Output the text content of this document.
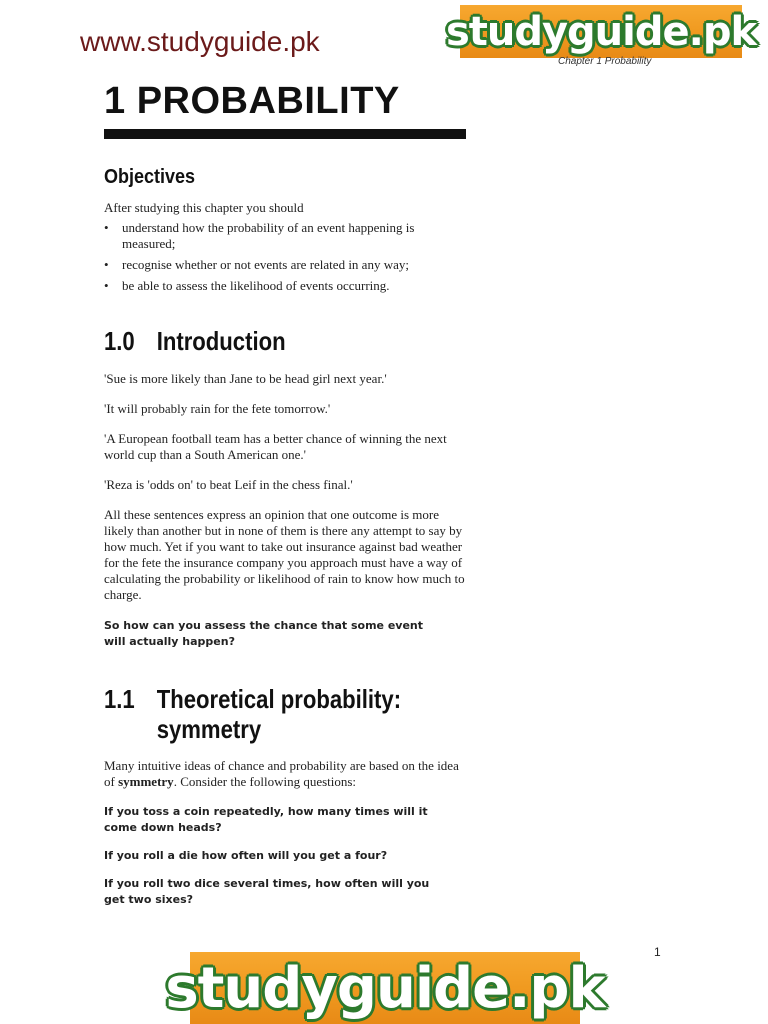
www.studyguide.pk	studyguide.pk
Chapter 1 Probability
1 PROBABILITY
Objectives
After studying this chapter you should
• understand how the probability of an event happening is measured;
• recognise whether or not events are related in any way;
• be able to assess the likelihood of events occurring.
1.0 Introduction

'Sue is more likely than Jane to be head girl next year.'

'It will probably rain for the fete tomorrow.'

'A European football team has a better chance of winning the next world cup than a South American one.'

'Reza is 'odds on' to beat Leif in the chess final.'

All these sentences express an opinion that one outcome is more likely than another but in none of them is there any attempt to say by how much. Yet if you want to take out insurance against bad weather for the fete the insurance company you approach must have a way of calculating the probability or likelihood of rain to know how much to charge.

So how can you assess the chance that some event will actually happen?
1.1 Theoretical probability:
symmetry
Many intuitive ideas of chance and probability are based on the idea of symmetry. Consider the following questions:
If you toss a coin repeatedly, how many times will it come down heads?
If you roll a die how often will you get a four?
If you roll two dice several times, how often will you get two sixes?
1
studyguide.pk
